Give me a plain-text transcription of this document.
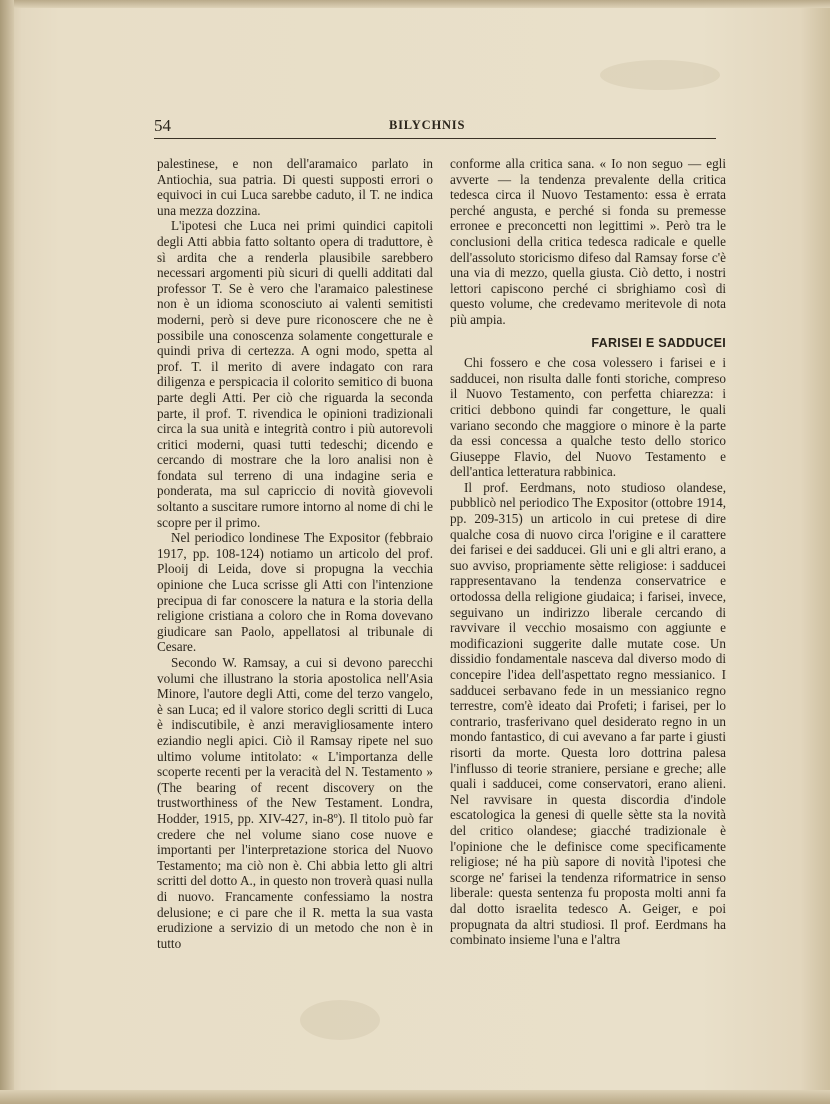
54	BILYCHNIS

palestinese, e non dell'aramaico parlato in Antiochia, sua patria. Di questi supposti errori o equivoci in cui Luca sarebbe caduto, il T. ne indica una mezza dozzina.

L'ipotesi che Luca nei primi quindici capitoli degli Atti abbia fatto soltanto opera di traduttore, è sì ardita che a renderla plausibile sarebbero necessari argomenti più sicuri di quelli additati dal professor T. Se è vero che l'aramaico palestinese non è un idioma sconosciuto ai valenti semitisti moderni, però si deve pure riconoscere che ne è possibile una conoscenza solamente congetturale e quindi priva di certezza. A ogni modo, spetta al prof. T. il merito di avere indagato con rara diligenza e perspicacia il colorito semitico di buona parte degli Atti. Per ciò che riguarda la seconda parte, il prof. T. rivendica le opinioni tradizionali circa la sua unità e integrità contro i più autorevoli critici moderni, quasi tutti tedeschi; dicendo e cercando di mostrare che la loro analisi non è fondata sul terreno di una indagine seria e ponderata, ma sul capriccio di novità giovevoli soltanto a suscitare rumore intorno al nome di chi le scopre per il primo.

Nel periodico londinese The Expositor (febbraio 1917, pp. 108-124) notiamo un articolo del prof. Plooij di Leida, dove si propugna la vecchia opinione che Luca scrisse gli Atti con l'intenzione precipua di far conoscere la natura e la storia della religione cristiana a coloro che in Roma dovevano giudicare san Paolo, appellatosi al tribunale di Cesare.

Secondo W. Ramsay, a cui si devono parecchi volumi che illustrano la storia apostolica nell'Asia Minore, l'autore degli Atti, come del terzo vangelo, è san Luca; ed il valore storico degli scritti di Luca è indiscutibile, è anzi meravigliosamente intero eziandio negli apici. Ciò il Ramsay ripete nel suo ultimo volume intitolato: « L'importanza delle scoperte recenti per la veracità del N. Testamento » (The bearing of recent discovery on the trustworthiness of the New Testament. Londra, Hodder, 1915, pp. XIV-427, in-8º). Il titolo può far credere che nel volume siano cose nuove e importanti per l'interpretazione storica del Nuovo Testamento; ma ciò non è. Chi abbia letto gli altri scritti del dotto A., in questo non troverà quasi nulla di nuovo. Francamente confessiamo la nostra delusione; e ci pare che il R. metta la sua vasta erudizione a servizio di un metodo che non è in tutto

conforme alla critica sana. « Io non seguo — egli avverte — la tendenza prevalente della critica tedesca circa il Nuovo Testamento: essa è errata perché angusta, e perché si fonda su premesse erronee e preconcetti non legittimi ». Però tra le conclusioni della critica tedesca radicale e quelle dell'assoluto storicismo difeso dal Ramsay forse c'è una via di mezzo, quella giusta. Ciò detto, i nostri lettori capiscono perché ci sbrighiamo così di questo volume, che credevamo meritevole di nota più ampia.

FARISEI E SADDUCEI

Chi fossero e che cosa volessero i farisei e i sadducei, non risulta dalle fonti storiche, compreso il Nuovo Testamento, con perfetta chiarezza: i critici debbono quindi far congetture, le quali variano secondo che maggiore o minore è la parte da essi concessa a qualche testo dello storico Giuseppe Flavio, del Nuovo Testamento e dell'antica letteratura rabbinica.

Il prof. Eerdmans, noto studioso olandese, pubblicò nel periodico The Expositor (ottobre 1914, pp. 209-315) un articolo in cui pretese di dire qualche cosa di nuovo circa l'origine e il carattere dei farisei e dei sadducei. Gli uni e gli altri erano, a suo avviso, propriamente sètte religiose: i sadducei rappresentavano la tendenza conservatrice e ortodossa della religione giudaica; i farisei, invece, seguivano un indirizzo liberale cercando di ravvivare il vecchio mosaismo con aggiunte e modificazioni suggerite dalle mutate cose. Un dissidio fondamentale nasceva dal diverso modo di concepire l'idea dell'aspettato regno messianico. I sadducei serbavano fede in un messianico regno terrestre, com'è ideato dai Profeti; i farisei, per lo contrario, trasferivano quel desiderato regno in un mondo fantastico, di cui avevano a far parte i giusti risorti da morte. Questa loro dottrina palesa l'influsso di teorie straniere, persiane e greche; alle quali i sadducei, come conservatori, erano alieni. Nel ravvisare in questa discordia d'indole escatologica la genesi di quelle sètte sta la novità del critico olandese; giacché tradizionale è l'opinione che le definisce come specificamente religiose; né ha più sapore di novità l'ipotesi che scorge ne' farisei la tendenza riformatrice in senso liberale: questa sentenza fu proposta molti anni fa dal dotto israelita tedesco A. Geiger, e poi propugnata da altri studiosi. Il prof. Eerdmans ha combinato insieme l'una e l'altra
